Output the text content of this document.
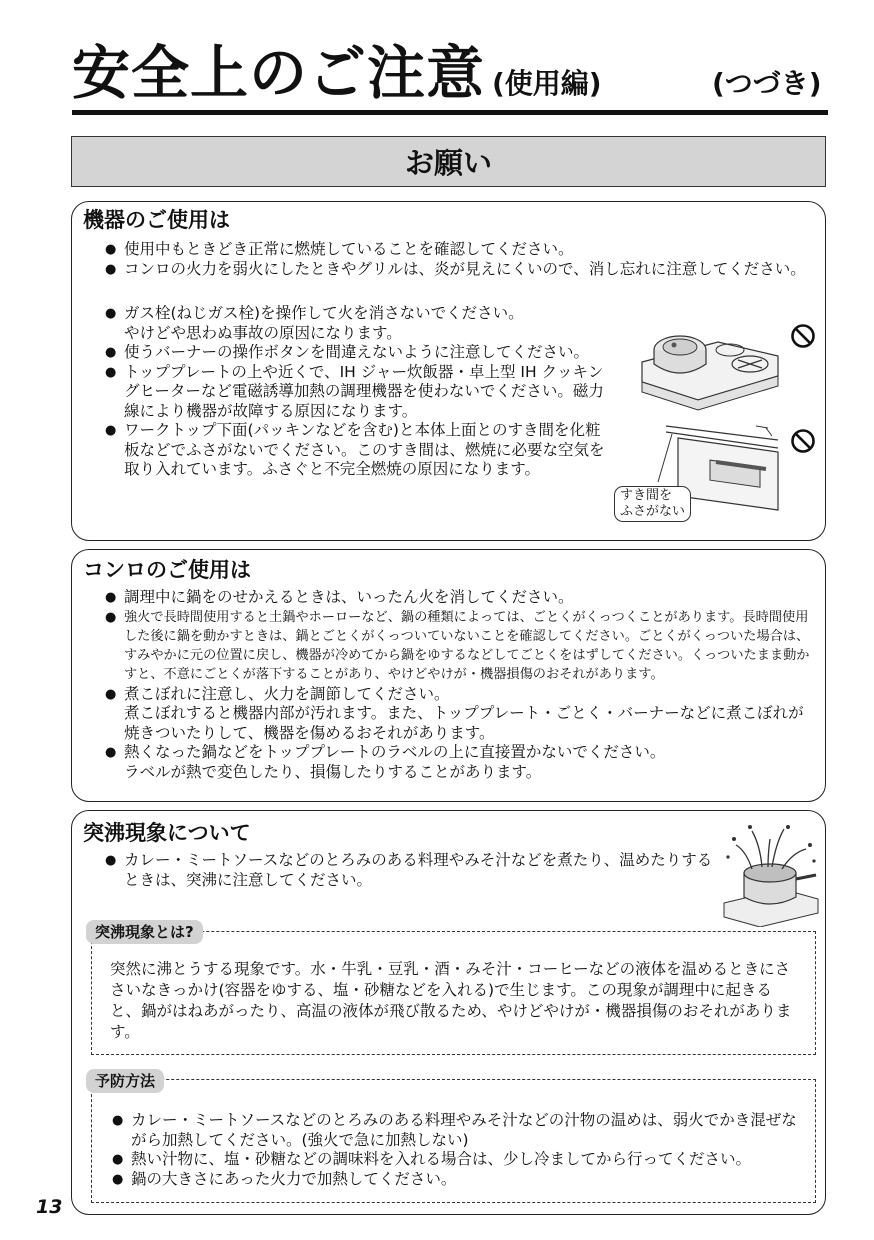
安全上のご注意 (使用編)	(つづき)
お願い
機器のご使用は
● 使用中もときどき正常に燃焼していることを確認してください。
● コンロの火力を弱火にしたときやグリルは、炎が見えにくいので、消し忘れに注意してください。
● ガス栓(ねじガス栓)を操作して火を消さないでください。
やけどや思わぬ事故の原因になります。
● 使うバーナーの操作ボタンを間違えないように注意してください。
● トッププレートの上や近くで、IH ジャー炊飯器・卓上型 IH クッキングヒーターなど電磁誘導加熱の調理機器を使わないでください。磁力線により機器が故障する原因になります。
● ワークトップ下面(パッキンなどを含む)と本体上面とのすき間を化粧板などでふさがないでください。このすき間は、燃焼に必要な空気を取り入れています。ふさぐと不完全燃焼の原因になります。
すき間を
ふさがない
コンロのご使用は
● 調理中に鍋をのせかえるときは、いったん火を消してください。
● 強火で長時間使用すると土鍋やホーローなど、鍋の種類によっては、ごとくがくっつくことがあります。長時間使用した後に鍋を動かすときは、鍋とごとくがくっついていないことを確認してください。ごとくがくっついた場合は、すみやかに元の位置に戻し、機器が冷めてから鍋をゆするなどしてごとくをはずしてください。くっついたまま動かすと、不意にごとくが落下することがあり、やけどやけが・機器損傷のおそれがあります。
● 煮こぼれに注意し、火力を調節してください。
煮こぼれすると機器内部が汚れます。また、トッププレート・ごとく・バーナーなどに煮こぼれが焼きついたりして、機器を傷めるおそれがあります。
● 熱くなった鍋などをトッププレートのラベルの上に直接置かないでください。
ラベルが熱で変色したり、損傷したりすることがあります。
突沸現象について
● カレー・ミートソースなどのとろみのある料理やみそ汁などを煮たり、温めたりするときは、突沸に注意してください。
突然に沸とうする現象です。水・牛乳・豆乳・酒・みそ汁・コーヒーなどの液体を温めるときにささいなきっかけ(容器をゆする、塩・砂糖などを入れる)で生じます。この現象が調理中に起きると、鍋がはねあがったり、高温の液体が飛び散るため、やけどやけが・機器損傷のおそれがあります。
突沸現象とは?
● カレー・ミートソースなどのとろみのある料理やみそ汁などの汁物の温めは、弱火でかき混ぜながら加熱してください。(強火で急に加熱しない)
● 熱い汁物に、塩・砂糖などの調味料を入れる場合は、少し冷ましてから行ってください。
● 鍋の大きさにあった火力で加熱してください。
予防方法
13
